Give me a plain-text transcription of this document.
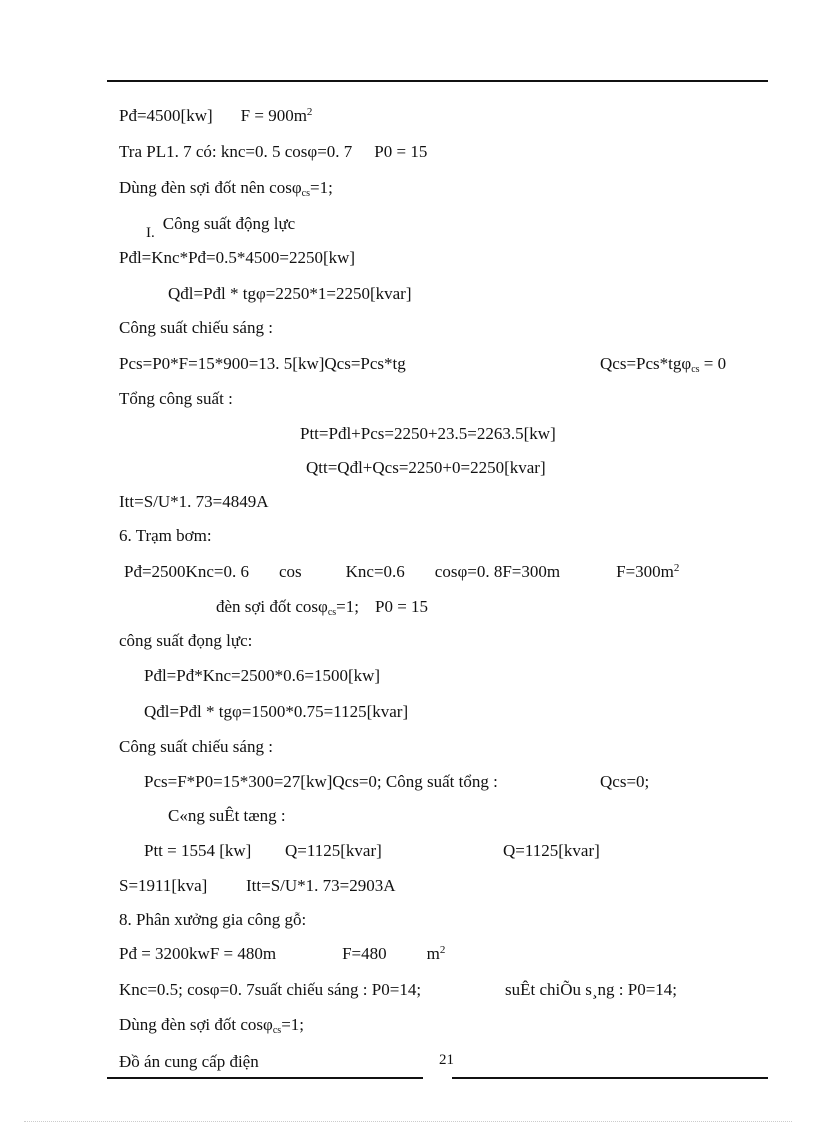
Pđ=4500[kw] $F = 900m^2$
Tra PL1. 7 có: knc=0. 5 cosφ=0. 7 P0 = 15
Dùng đèn sợi đốt nên cosφ$_{cs}$=1;
I. Công suất động lực
Pđl=Knc*Pđ=0.5*4500=2250[kw]
Qđl=Pđl * tgφ=2250*1=2250[kvar]
Công suất chiếu sáng :
Pcs=P0*F=15*900=13. 5[kw]Qcs=Pcs*tg	Qcs=Pcs*tgφ$_{cs}$ = 0
Tổng công suất :
Ptt=Pđl+Pcs=2250+23.5=2263.5[kw]
Qtt=Qđl+Qcs=2250+0=2250[kvar]
Itt=S/U*1. 73=4849A
6. Trạm bơm:
Pđ=2500Knc=0. 6 cos	Knc=0.6 cosφ=0. 8F=300m	$F=300m^2$
đèn sợi đốt cosφ$_{cs}$=1; P0 = 15
công suất đọng lực:
Pđl=Pđ*Knc=2500*0.6=1500[kw]
Qđl=Pđl * tgφ=1500*0.75=1125[kvar]
Công suất chiếu sáng :
Pcs=F*P0=15*300=27[kw]Qcs=0; Công suất tổng :	Qcs=0;
C«ng suÊt tæng :
Ptt = 1554 [kw] Q=1125[kvar]	Q=1125[kvar]
S=1911[kva] Itt=S/U*1. 73=2903A
8. Phân xưởng gia công gỗ:
Pđ = 3200kwF = 480m	F=480 $m^2$
Knc=0.5; cosφ=0. 7suất chiếu sáng : P0=14;	suÊt chiÕu s¸ng : P0=14;
Dùng đèn sợi đốt cosφ$_{cs}$=1;
Đồ án cung cấp điện	21
